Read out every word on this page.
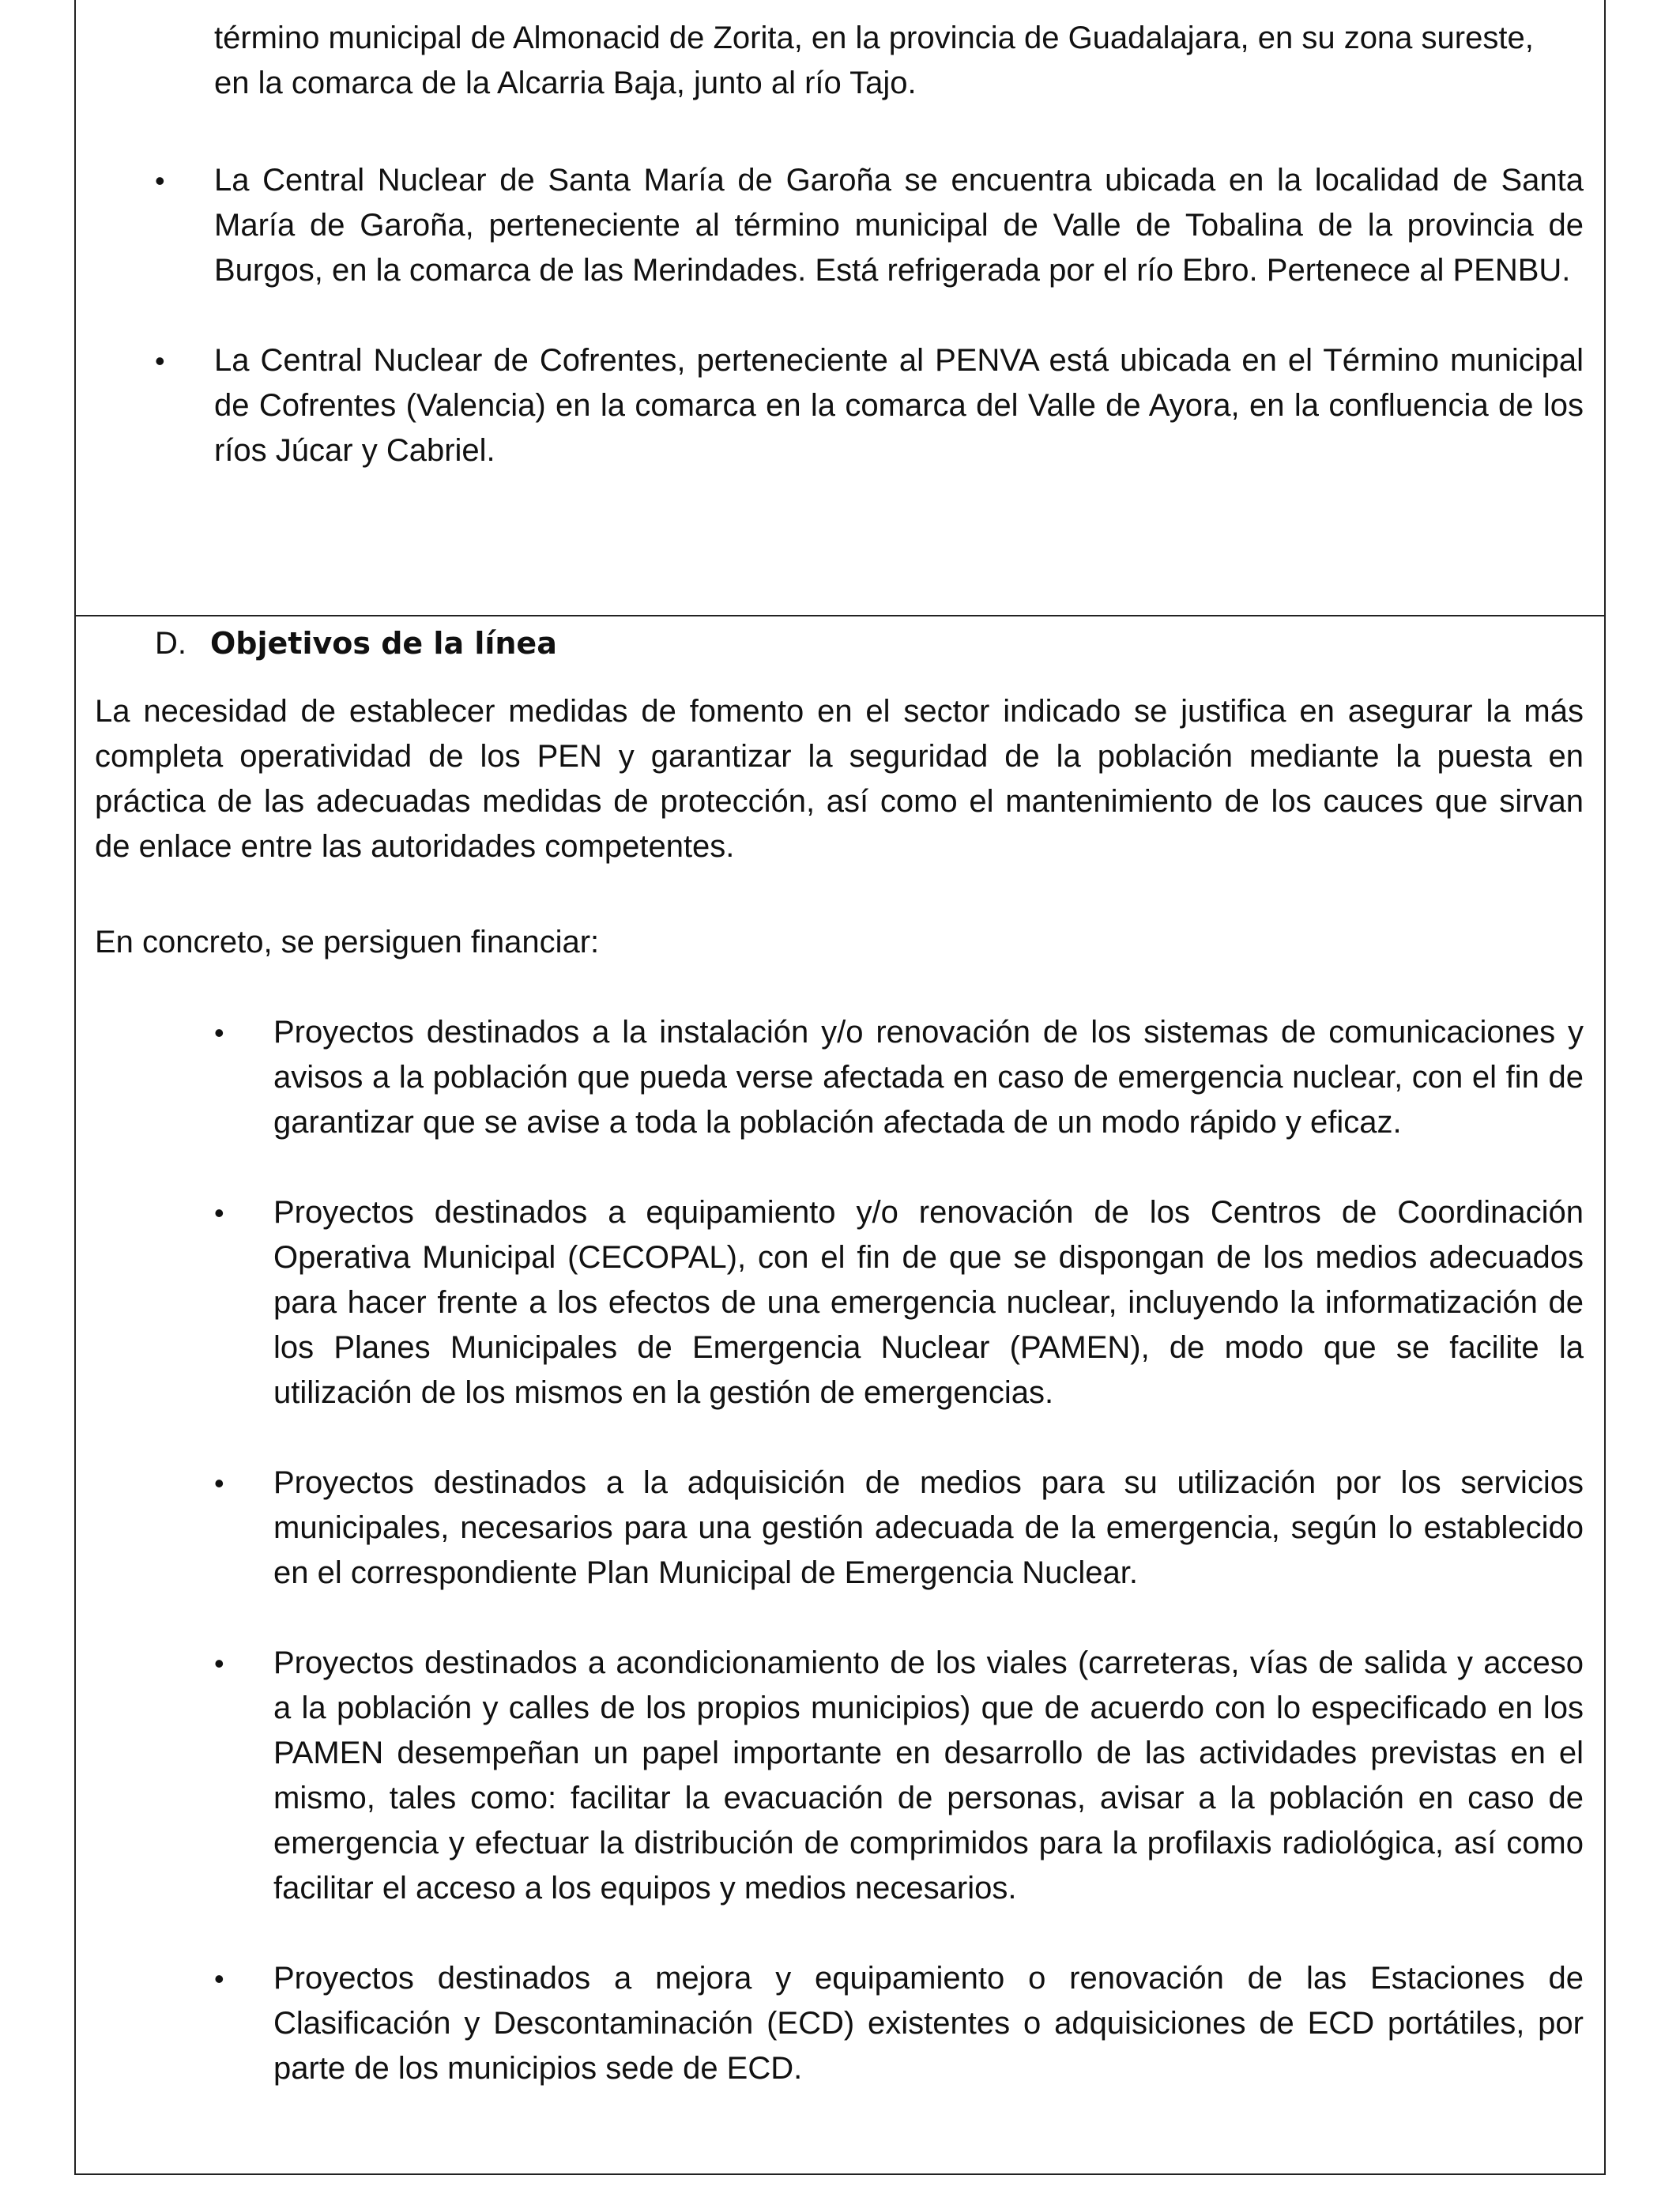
término municipal de Almonacid de Zorita, en la provincia de Guadalajara, en su zona sureste,

en la comarca de la Alcarria Baja, junto al río Tajo.

• La Central Nuclear de Santa María de Garoña se encuentra ubicada en la localidad de Santa María de Garoña, perteneciente al término municipal de Valle de Tobalina de la provincia de Burgos, en la comarca de las Merindades. Está refrigerada por el río Ebro. Pertenece al PENBU.

• La Central Nuclear de Cofrentes, perteneciente al PENVA está ubicada en el Término municipal de Cofrentes (Valencia) en la comarca en la comarca del Valle de Ayora, en la confluencia de los ríos Júcar y Cabriel.

D. Objetivos de la línea

La necesidad de establecer medidas de fomento en el sector indicado se justifica en asegurar la más completa operatividad de los PEN y garantizar la seguridad de la población mediante la puesta en práctica de las adecuadas medidas de protección, así como el mantenimiento de los cauces que sirvan de enlace entre las autoridades competentes.

En concreto, se persiguen financiar:

• Proyectos destinados a la instalación y/o renovación de los sistemas de comunicaciones y avisos a la población que pueda verse afectada en caso de emergencia nuclear, con el fin de garantizar que se avise a toda la población afectada de un modo rápido y eficaz.

• Proyectos destinados a equipamiento y/o renovación de los Centros de Coordinación Operativa Municipal (CECOPAL), con el fin de que se dispongan de los medios adecuados para hacer frente a los efectos de una emergencia nuclear, incluyendo la informatización de los Planes Municipales de Emergencia Nuclear (PAMEN), de modo que se facilite la utilización de los mismos en la gestión de emergencias.

• Proyectos destinados a la adquisición de medios para su utilización por los servicios municipales, necesarios para una gestión adecuada de la emergencia, según lo establecido en el correspondiente Plan Municipal de Emergencia Nuclear.

• Proyectos destinados a acondicionamiento de los viales (carreteras, vías de salida y acceso a la población y calles de los propios municipios) que de acuerdo con lo especificado en los PAMEN desempeñan un papel importante en desarrollo de las actividades previstas en el mismo, tales como: facilitar la evacuación de personas, avisar a la población en caso de emergencia y efectuar la distribución de comprimidos para la profilaxis radiológica, así como facilitar el acceso a los equipos y medios necesarios.

• Proyectos destinados a mejora y equipamiento o renovación de las Estaciones de Clasificación y Descontaminación (ECD) existentes o adquisiciones de ECD portátiles, por parte de los municipios sede de ECD.
